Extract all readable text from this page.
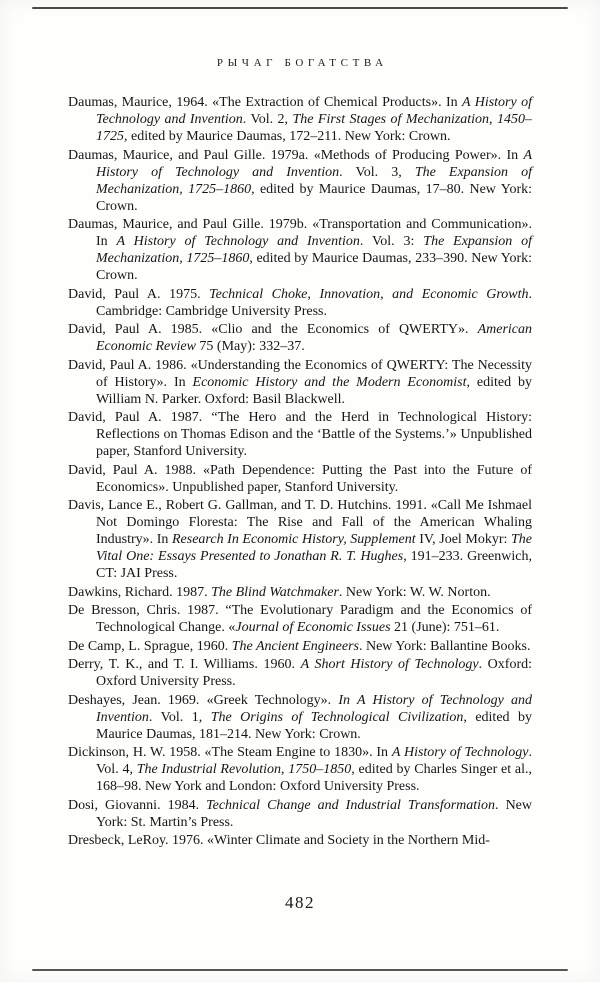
РЫЧАГ БОГАТСТВА

Daumas, Maurice, 1964. «The Extraction of Chemical Products». In A History of Technology and Invention. Vol. 2, The First Stages of Mechanization, 1450–1725, edited by Maurice Daumas, 172–211. New York: Crown.

Daumas, Maurice, and Paul Gille. 1979a. «Methods of Producing Power». In A History of Technology and Invention. Vol. 3, The Expansion of Mechanization, 1725–1860, edited by Maurice Daumas, 17–80. New York: Crown.

Daumas, Maurice, and Paul Gille. 1979b. «Transportation and Communication». In A History of Technology and Invention. Vol. 3: The Expansion of Mechanization, 1725–1860, edited by Maurice Daumas, 233–390. New York: Crown.

David, Paul A. 1975. Technical Choke, Innovation, and Economic Growth. Cambridge: Cambridge University Press.

David, Paul A. 1985. «Clio and the Economics of QWERTY». American Economic Review 75 (May): 332–37.

David, Paul A. 1986. «Understanding the Economics of QWERTY: The Necessity of History». In Economic History and the Modern Economist, edited by William N. Parker. Oxford: Basil Blackwell.

David, Paul A. 1987. “The Hero and the Herd in Technological History: Reflections on Thomas Edison and the ‘Battle of the Systems.’» Unpublished paper, Stanford University.

David, Paul A. 1988. «Path Dependence: Putting the Past into the Future of Economics». Unpublished paper, Stanford University.

Davis, Lance E., Robert G. Gallman, and T. D. Hutchins. 1991. «Call Me Ishmael Not Domingo Floresta: The Rise and Fall of the American Whaling Industry». In Research In Economic History, Supplement IV, Joel Mokyr: The Vital One: Essays Presented to Jonathan R. T. Hughes, 191–233. Greenwich, CT: JAI Press.

Dawkins, Richard. 1987. The Blind Watchmaker. New York: W. W. Norton.

De Bresson, Chris. 1987. “The Evolutionary Paradigm and the Economics of Technological Change. «Journal of Economic Issues 21 (June): 751–61.

De Camp, L. Sprague, 1960. The Ancient Engineers. New York: Ballantine Books.

Derry, T. K., and T. I. Williams. 1960. A Short History of Technology. Oxford: Oxford University Press.

Deshayes, Jean. 1969. «Greek Technology». In A History of Technology and Invention. Vol. 1, The Origins of Technological Civilization, edited by Maurice Daumas, 181–214. New York: Crown.

Dickinson, H. W. 1958. «The Steam Engine to 1830». In A History of Technology. Vol. 4, The Industrial Revolution, 1750–1850, edited by Charles Singer et al., 168–98. New York and London: Oxford University Press.

Dosi, Giovanni. 1984. Technical Change and Industrial Transformation. New York: St. Martin’s Press.

Dresbeck, LeRoy. 1976. «Winter Climate and Society in the Northern Mid-

482
